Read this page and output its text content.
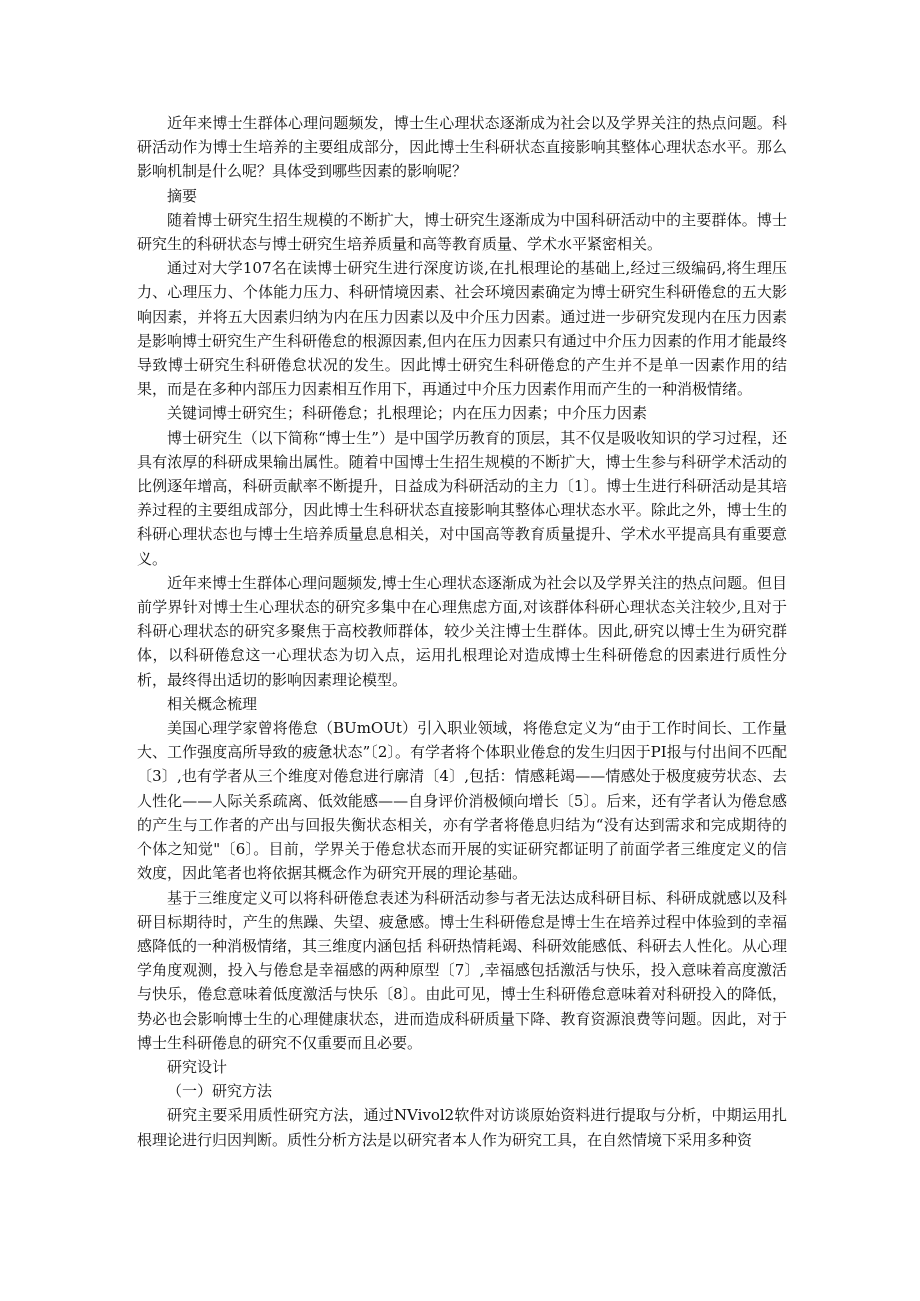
近年来博士生群体心理问题频发，博士生心理状态逐渐成为社会以及学界关注的热点问题。科研活动作为博士生培养的主要组成部分，因此博士生科研状态直接影响其整体心理状态水平。那么影响机制是什么呢？具体受到哪些因素的影响呢？

摘要

随着博士研究生招生规模的不断扩大，博士研究生逐渐成为中国科研活动中的主要群体。博士研究生的科研状态与博士研究生培养质量和高等教育质量、学术水平紧密相关。

通过对大学107名在读博士研究生进行深度访谈,在扎根理论的基础上,经过三级编码,将生理压力、心理压力、个体能力压力、科研情境因素、社会环境因素确定为博士研究生科研倦怠的五大影响因素，并将五大因素归纳为内在压力因素以及中介压力因素。通过进一步研究发现内在压力因素是影响博士研究生产生科研倦怠的根源因素,但内在压力因素只有通过中介压力因素的作用才能最终导致博士研究生科研倦怠状况的发生。因此博士研究生科研倦怠的产生并不是单一因素作用的结果，而是在多种内部压力因素相互作用下，再通过中介压力因素作用而产生的一种消极情绪。

关键词博士研究生；科研倦怠；扎根理论；内在压力因素；中介压力因素

博士研究生（以下简称“博士生”）是中国学历教育的顶层，其不仅是吸收知识的学习过程，还具有浓厚的科研成果输出属性。随着中国博士生招生规模的不断扩大，博士生参与科研学术活动的比例逐年增高，科研贡献率不断提升，日益成为科研活动的主力〔1〕。博士生进行科研活动是其培养过程的主要组成部分，因此博士生科研状态直接影响其整体心理状态水平。除此之外，博士生的科研心理状态也与博士生培养质量息息相关，对中国高等教育质量提升、学术水平提高具有重要意义。

近年来博士生群体心理问题频发,博士生心理状态逐渐成为社会以及学界关注的热点问题。但目前学界针对博士生心理状态的研究多集中在心理焦虑方面,对该群体科研心理状态关注较少,且对于科研心理状态的研究多聚焦于高校教师群体，较少关注博士生群体。因此,研究以博士生为研究群体，以科研倦怠这一心理状态为切入点，运用扎根理论对造成博士生科研倦怠的因素进行质性分析，最终得出适切的影响因素理论模型。

相关概念梳理

美国心理学家曾将倦怠（BUmOUt）引入职业领域，将倦怠定义为“由于工作时间长、工作量大、工作强度高所导致的疲惫状态”〔2〕。有学者将个体职业倦怠的发生归因于PI报与付出间不匹配〔3〕,也有学者从三个维度对倦怠进行廓清〔4〕,包括：情感耗竭——情感处于极度疲劳状态、去人性化——人际关系疏离、低效能感——自身评价消极倾向增长〔5〕。后来，还有学者认为倦怠感的产生与工作者的产出与回报失衡状态相关，亦有学者将倦息归结为“没有达到需求和完成期待的个体之知觉"〔6〕。目前，学界关于倦怠状态而开展的实证研究都证明了前面学者三维度定义的信效度，因此笔者也将依据其概念作为研究开展的理论基础。

基于三维度定义可以将科研倦怠表述为科研活动参与者无法达成科研目标、科研成就感以及科研目标期待时，产生的焦躁、失望、疲惫感。博士生科研倦怠是博士生在培养过程中体验到的幸福感降低的一种消极情绪，其三维度内涵包括 科研热情耗竭、科研效能感低、科研去人性化。从心理学角度观测，投入与倦怠是幸福感的两种原型〔7〕,幸福感包括激活与快乐，投入意味着高度激活与快乐，倦怠意味着低度激活与快乐〔8〕。由此可见，博士生科研倦怠意味着对科研投入的降低，势必也会影响博士生的心理健康状态，进而造成科研质量下降、教育资源浪费等问题。因此，对于博士生科研倦息的研究不仅重要而且必要。

研究设计

（一）研究方法

研究主要采用质性研究方法，通过NVivol2软件对访谈原始资料进行提取与分析，中期运用扎根理论进行归因判断。质性分析方法是以研究者本人作为研究工具，在自然情境下采用多种资
